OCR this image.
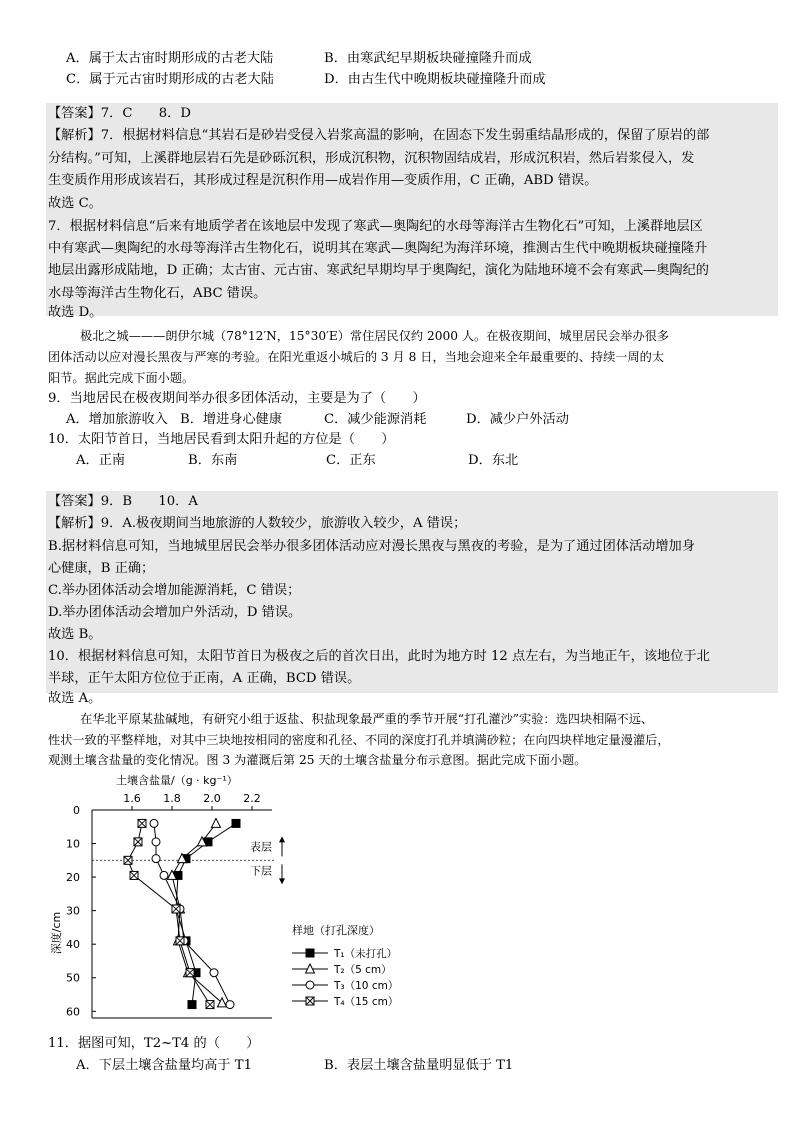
A．属于太古宙时期形成的古老大陆	B．由寒武纪早期板块碰撞隆升而成
C．属于元古宙时期形成的古老大陆	D．由古生代中晚期板块碰撞隆升而成
【答案】7．C　　8．D
【解析】7．根据材料信息“其岩石是砂岩受侵入岩浆高温的影响，在固态下发生弱重结晶形成的，保留了原岩的部
分结构。”可知，上溪群地层岩石先是砂砾沉积，形成沉积物，沉积物固结成岩，形成沉积岩，然后岩浆侵入，发
生变质作用形成该岩石，其形成过程是沉积作用—成岩作用—变质作用，C 正确，ABD 错误。
故选 C。
7．根据材料信息“后来有地质学者在该地层中发现了寒武—奥陶纪的水母等海洋古生物化石”可知，上溪群地层区
中有寒武—奥陶纪的水母等海洋古生物化石，说明其在寒武—奥陶纪为海洋环境，推测古生代中晚期板块碰撞隆升
地层出露形成陆地，D 正确；太古宙、元古宙、寒武纪早期均早于奥陶纪，演化为陆地环境不会有寒武—奥陶纪的
水母等海洋古生物化石，ABC 错误。
故选 D。
极北之城———朗伊尔城（78°12′N，15°30′E）常住居民仅约 2000 人。在极夜期间，城里居民会举办很多
团体活动以应对漫长黑夜与严寒的考验。在阳光重返小城后的 3 月 8 日，当地会迎来全年最重要的、持续一周的太
阳节。据此完成下面小题。
9．当地居民在极夜期间举办很多团体活动，主要是为了（　　）
A．增加旅游收入 B．增进身心健康	C．减少能源消耗	D．减少户外活动
10．太阳节首日，当地居民看到太阳升起的方位是（　　）
A．正南	B．东南	C．正东	D．东北
【答案】9．B　　10．A
【解析】9．A.极夜期间当地旅游的人数较少，旅游收入较少，A 错误；
B.据材料信息可知，当地城里居民会举办很多团体活动应对漫长黑夜与黑夜的考验，是为了通过团体活动增加身
心健康，B 正确；
C.举办团体活动会增加能源消耗，C 错误；
D.举办团体活动会增加户外活动，D 错误。
故选 B。
10．根据材料信息可知，太阳节首日为极夜之后的首次日出，此时为地方时 12 点左右，为当地正午，该地位于北
半球，正午太阳方位位于正南，A 正确，BCD 错误。
故选 A。
在华北平原某盐碱地，有研究小组于返盐、积盐现象最严重的季节开展“打孔灌沙”实验：选四块相隔不远、
性状一致的平整样地，对其中三块地按相同的密度和孔径、不同的深度打孔并填满砂粒；在向四块样地定量漫灌后，
观测土壤含盐量的变化情况。图 3 为灌溉后第 25 天的土壤含盐量分布示意图。据此完成下面小题。
土壤含盐量/（g · kg⁻¹）
深度/cm
1.6 1.8 2.0 2.2
0
10
20
30
40
50
60
表层
下层
样地（打孔深度）
T₁（未打孔）
T₂（5 cm）
T₃（10 cm）
T₄（15 cm）
11．据图可知，T2~T4 的（　　）
A．下层土壤含盐量均高于 T1	B．表层土壤含盐量明显低于 T1
